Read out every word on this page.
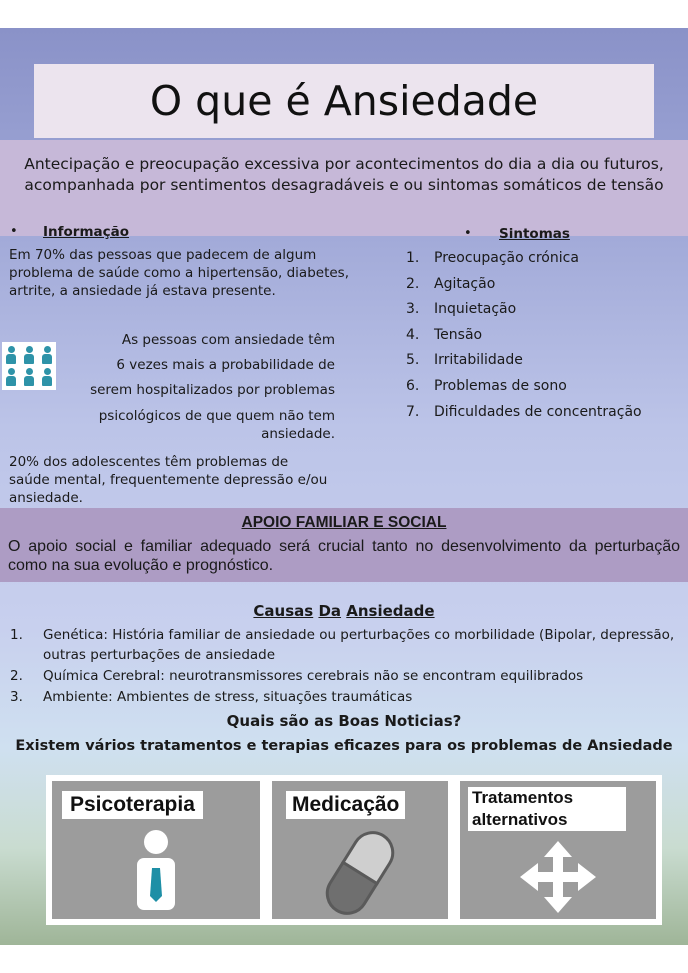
O que é Ansiedade
Antecipação e preocupação excessiva por acontecimentos do dia a dia ou futuros, acompanhada por sentimentos desagradáveis e ou sintomas somáticos de tensão
• Informação
Em 70% das pessoas que padecem de algum problema de saúde como a hipertensão, diabetes, artrite, a ansiedade já estava presente.
As pessoas com ansiedade têm
6 vezes mais a probabilidade de
serem hospitalizados por problemas
psicológicos de que quem não tem
ansiedade.
20% dos adolescentes têm problemas de saúde mental, frequentemente depressão e/ou ansiedade.
• Sintomas
1.	Preocupação crónica
2.	Agitação
3.	Inquietação
4.	Tensão
5.	Irritabilidade
6.	Problemas de sono
7.	Dificuldades de concentração
APOIO FAMILIAR E SOCIAL
O apoio social e familiar adequado será crucial tanto no desenvolvimento da perturbação como na sua evolução e prognóstico.
Causas Da Ansiedade
1.	Genética: História familiar de ansiedade ou perturbações co morbilidade (Bipolar, depressão, outras perturbações de ansiedade
2.	Química Cerebral: neurotransmissores cerebrais não se encontram equilibrados
3.	Ambiente: Ambientes de stress, situações traumáticas
Quais são as Boas Noticias?
Existem vários tratamentos e terapias eficazes para os problemas de Ansiedade
Psicoterapia	Medicação	Tratamentos alternativos
